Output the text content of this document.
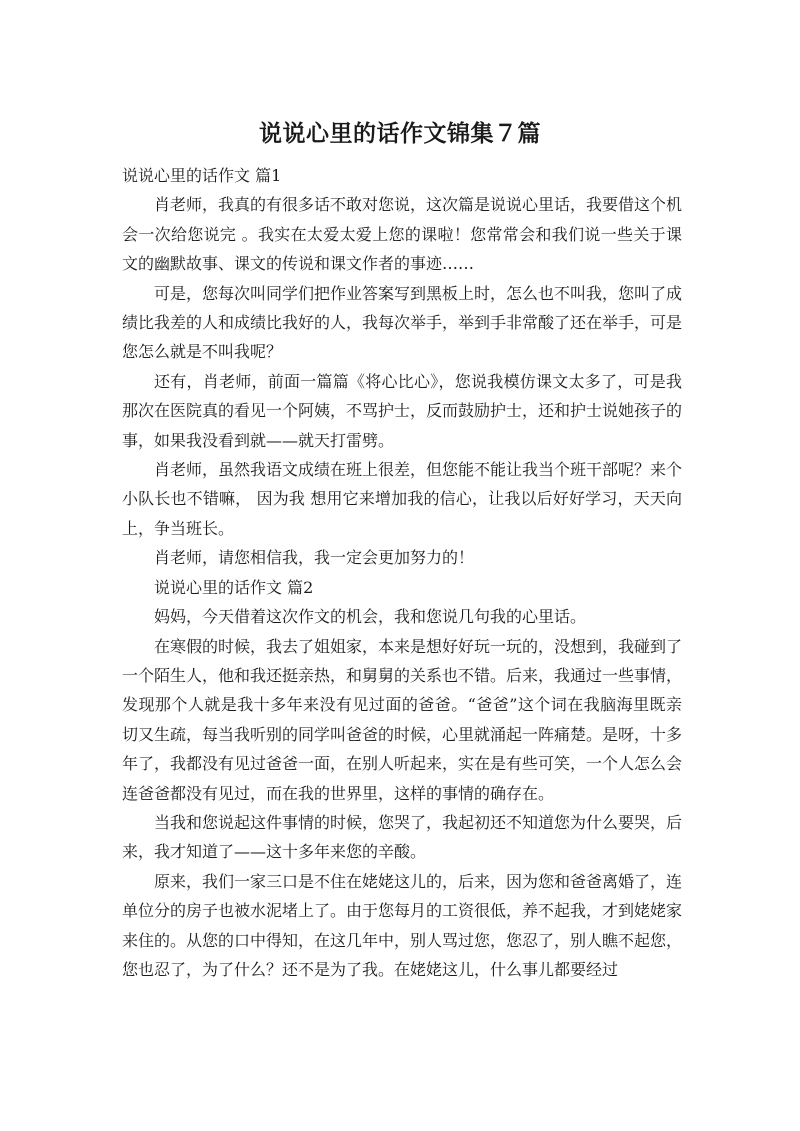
说说心里的话作文锦集７篇

说说心里的话作文 篇1

肖老师，我真的有很多话不敢对您说，这次篇是说说心里话，我要借这个机会一次给您说完 。我实在太爱太爱上您的课啦！您常常会和我们说一些关于课文的幽默故事、课文的传说和课文作者的事迹……

可是，您每次叫同学们把作业答案写到黑板上时，怎么也不叫我，您叫了成绩比我差的人和成绩比我好的人，我每次举手，举到手非常酸了还在举手，可是您怎么就是不叫我呢？

还有，肖老师，前面一篇篇《将心比心》，您说我模仿课文太多了，可是我那次在医院真的看见一个阿姨，不骂护士，反而鼓励护士，还和护士说她孩子的事，如果我没看到就——就天打雷劈。

肖老师，虽然我语文成绩在班上很差，但您能不能让我当个班干部呢？来个小队长也不错嘛， 因为我 想用它来增加我的信心，让我以后好好学习，天天向上，争当班长。

肖老师，请您相信我，我一定会更加努力的！

说说心里的话作文 篇2

妈妈，今天借着这次作文的机会，我和您说几句我的心里话。

在寒假的时候，我去了姐姐家，本来是想好好玩一玩的，没想到，我碰到了一个陌生人，他和我还挺亲热，和舅舅的关系也不错。后来，我通过一些事情，发现那个人就是我十多年来没有见过面的爸爸。“爸爸”这个词在我脑海里既亲切又生疏，每当我听别的同学叫爸爸的时候，心里就涌起一阵痛楚。是呀，十多年了，我都没有见过爸爸一面，在别人听起来，实在是有些可笑，一个人怎么会连爸爸都没有见过，而在我的世界里，这样的事情的确存在。

当我和您说起这件事情的时候，您哭了，我起初还不知道您为什么要哭，后来，我才知道了——这十多年来您的辛酸。

原来，我们一家三口是不住在姥姥这儿的，后来，因为您和爸爸离婚了，连单位分的房子也被水泥堵上了。由于您每月的工资很低，养不起我，才到姥姥家来住的。从您的口中得知，在这几年中，别人骂过您，您忍了，别人瞧不起您，您也忍了，为了什么？还不是为了我。在姥姥这儿，什么事儿都要经过
